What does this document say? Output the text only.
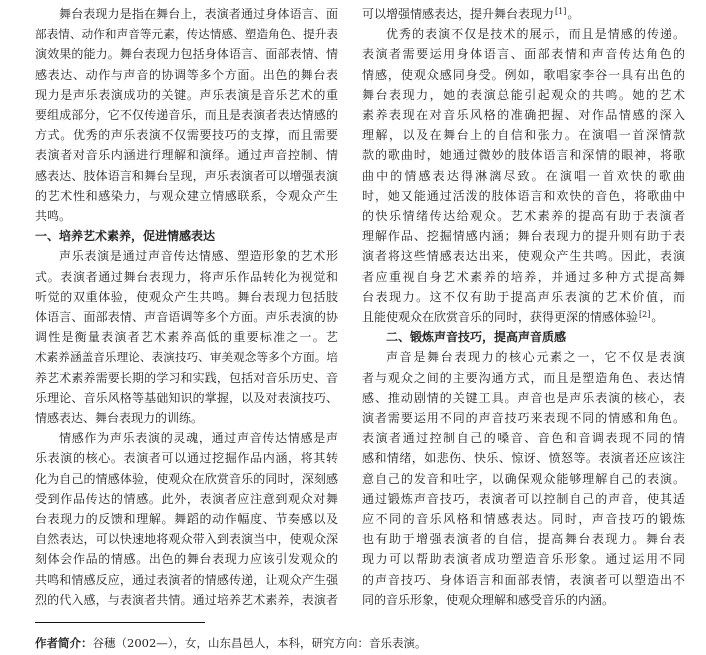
舞台表现力是指在舞台上，表演者通过身体语言、面
部表情、动作和声音等元素，传达情感、塑造角色、提升表
演效果的能力。舞台表现力包括身体语言、面部表情、情
感表达、动作与声音的协调等多个方面。出色的舞台表
现力是声乐表演成功的关键。声乐表演是音乐艺术的重
要组成部分，它不仅传递音乐，而且是表演者表达情感的
方式。优秀的声乐表演不仅需要技巧的支撑，而且需要
表演者对音乐内涵进行理解和演绎。通过声音控制、情
感表达、肢体语言和舞台呈现，声乐表演者可以增强表演
的艺术性和感染力，与观众建立情感联系，令观众产生
共鸣。
一、培养艺术素养，促进情感表达
声乐表演是通过声音传达情感、塑造形象的艺术形
式。表演者通过舞台表现力，将声乐作品转化为视觉和
听觉的双重体验，使观众产生共鸣。舞台表现力包括肢
体语言、面部表情、声音语调等多个方面。声乐表演的协
调性是衡量表演者艺术素养高低的重要标准之一。艺
术素养涵盖音乐理论、表演技巧、审美观念等多个方面。培
养艺术素养需要长期的学习和实践，包括对音乐历史、音
乐理论、音乐风格等基础知识的掌握，以及对表演技巧、
情感表达、舞台表现力的训练。
情感作为声乐表演的灵魂，通过声音传达情感是声
乐表演的核心。表演者可以通过挖掘作品内涵，将其转
化为自己的情感体验，使观众在欣赏音乐的同时，深刻感
受到作品传达的情感。此外，表演者应注意到观众对舞
台表现力的反馈和理解。舞蹈的动作幅度、节奏感以及
自然表达，可以快速地将观众带入到表演当中，使观众深
刻体会作品的情感。出色的舞台表现力应该引发观众的
共鸣和情感反应，通过表演者的情感传递，让观众产生强
烈的代入感，与表演者共情。通过培养艺术素养，表演者
可以增强情感表达，提升舞台表现力[1]。
优秀的表演不仅是技术的展示，而且是情感的传递。
表演者需要运用身体语言、面部表情和声音传达角色的
情感，使观众感同身受。例如，歌唱家李谷一具有出色的
舞台表现力，她的表演总能引起观众的共鸣。她的艺术
素养表现在对音乐风格的准确把握、对作品情感的深入
理解，以及在舞台上的自信和张力。在演唱一首深情款
款的歌曲时，她通过微妙的肢体语言和深情的眼神，将歌
曲中的情感表达得淋漓尽致。在演唱一首欢快的歌曲
时，她又能通过活泼的肢体语言和欢快的音色，将歌曲中
的快乐情绪传达给观众。艺术素养的提高有助于表演者
理解作品、挖掘情感内涵；舞台表现力的提升则有助于表
演者将这些情感表达出来，使观众产生共鸣。因此，表演
者应重视自身艺术素养的培养，并通过多种方式提高舞
台表现力。这不仅有助于提高声乐表演的艺术价值，而
且能使观众在欣赏音乐的同时，获得更深的情感体验[2]。
二、锻炼声音技巧，提高声音质感
声音是舞台表现力的核心元素之一，它不仅是表演
者与观众之间的主要沟通方式，而且是塑造角色、表达情
感、推动剧情的关键工具。声音也是声乐表演的核心，表
演者需要运用不同的声音技巧来表现不同的情感和角色。
表演者通过控制自己的嗓音、音色和音调表现不同的情
感和情绪，如悲伤、快乐、惊讶、愤怒等。表演者还应该注
意自己的发音和吐字，以确保观众能够理解自己的表演。
通过锻炼声音技巧，表演者可以控制自己的声音，使其适
应不同的音乐风格和情感表达。同时，声音技巧的锻炼
也有助于增强表演者的自信，提高舞台表现力。舞台表
现力可以帮助表演者成功塑造音乐形象。通过运用不同
的声音技巧、身体语言和面部表情，表演者可以塑造出不
同的音乐形象，使观众理解和感受音乐的内涵。
作者简介：谷穗（2002—），女，山东昌邑人，本科，研究方向：音乐表演。
